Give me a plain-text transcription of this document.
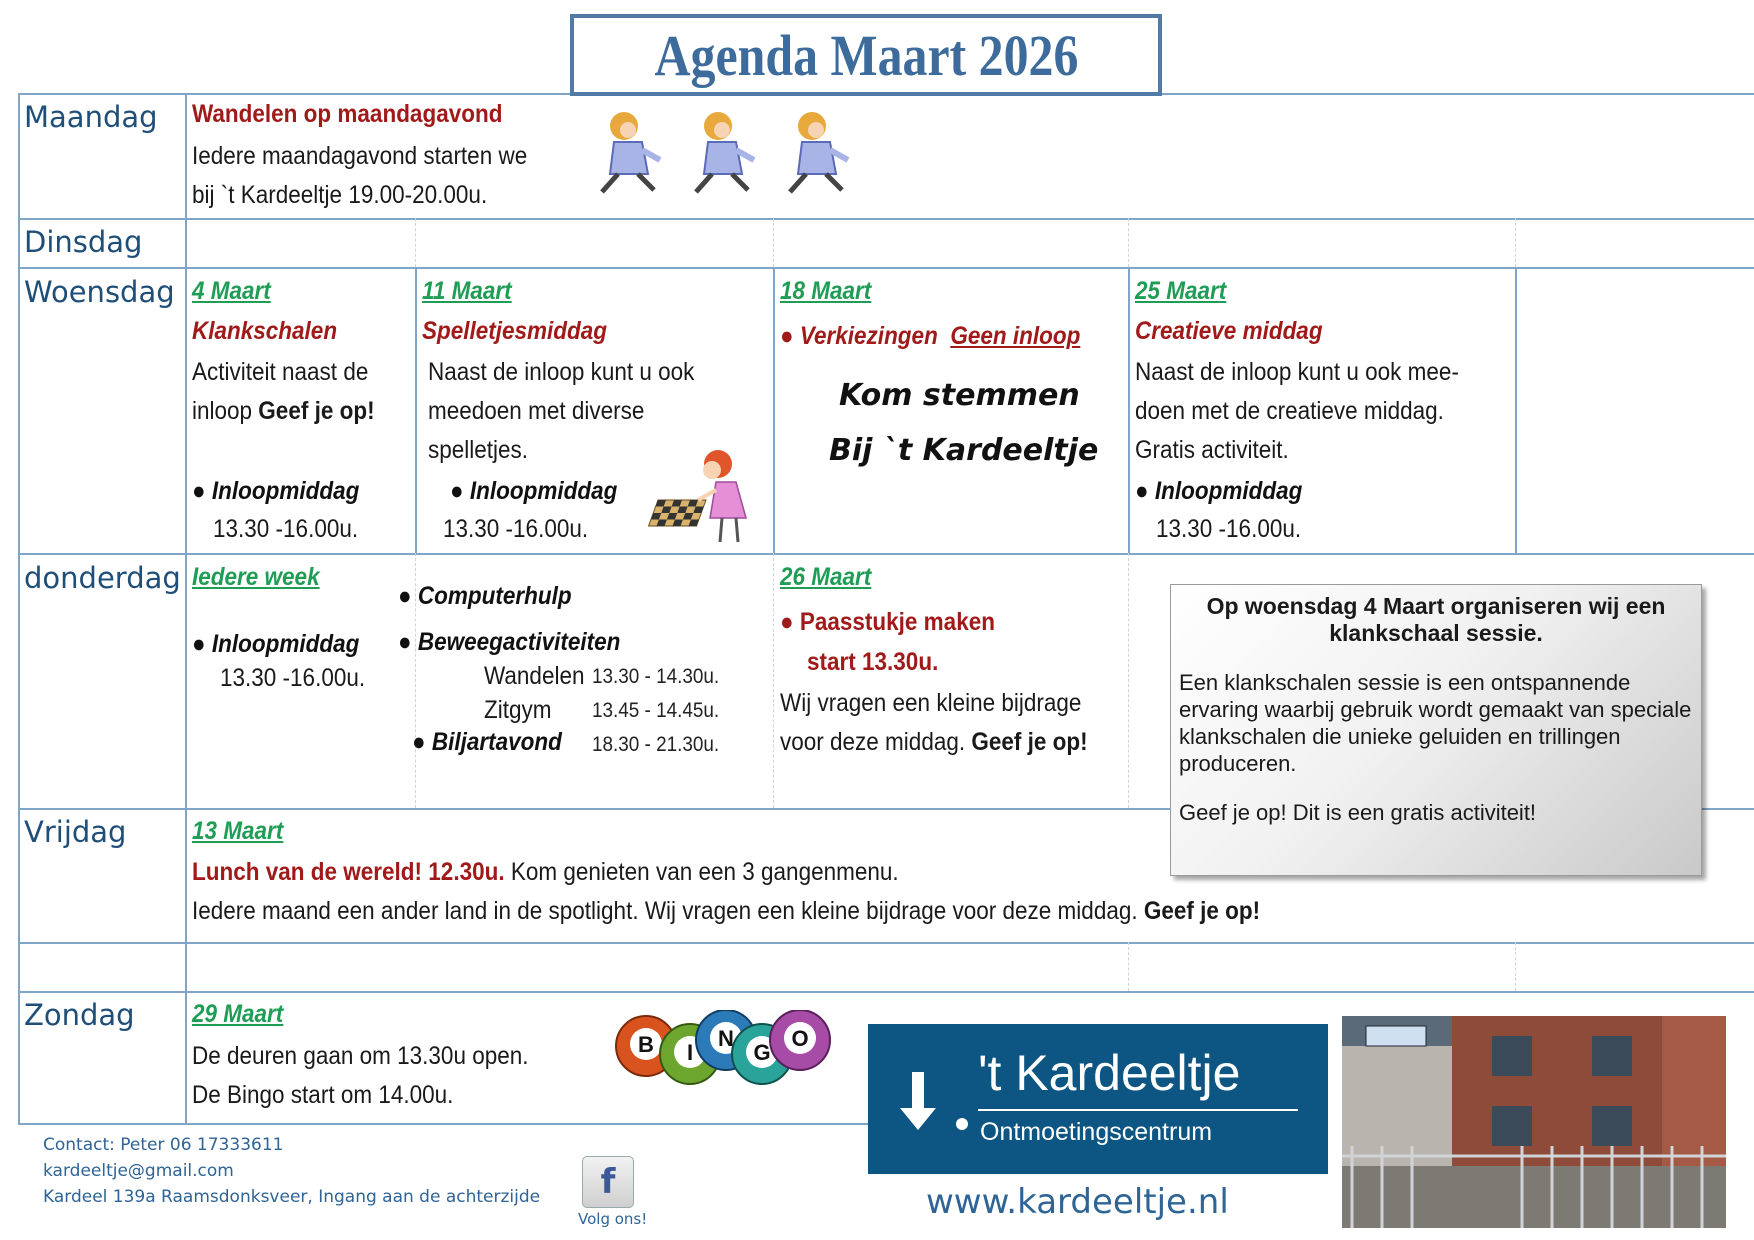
Agenda Maart 2026
Maandag
Dinsdag
Woensdag
donderdag
Vrijdag
Zondag
Wandelen op maandagavond
Iedere maandagavond starten we
bij `t Kardeeltje 19.00-20.00u.
4 Maart
Klankschalen
Activiteit naast de
inloop Geef je op!
● Inloopmiddag
13.30 -16.00u.
11 Maart
Spelletjesmiddag
Naast de inloop kunt u ook
meedoen met diverse
spelletjes.
● Inloopmiddag
13.30 -16.00u.
18 Maart
● Verkiezingen Geen inloop
Kom stemmen
Bij `t Kardeeltje
25 Maart
Creatieve middag
Naast de inloop kunt u ook mee-
doen met de creatieve middag.
Gratis activiteit.
● Inloopmiddag
13.30 -16.00u.
Iedere week
● Inloopmiddag
13.30 -16.00u.
● Computerhulp
● Beweegactiviteiten
Wandelen 13.30 - 14.30u.
Zitgym 13.45 - 14.45u.
● Biljartavond 18.30 - 21.30u.
26 Maart
● Paasstukje maken
start 13.30u.
Wij vragen een kleine bijdrage
voor deze middag. Geef je op!
Op woensdag 4 Maart organiseren wij een klankschaal sessie.
Een klankschalen sessie is een ontspannende ervaring waarbij gebruik wordt gemaakt van speciale klankschalen die unieke geluiden en trillingen produceren.
Geef je op! Dit is een gratis activiteit!
13 Maart
Lunch van de wereld! 12.30u. Kom genieten van een 3 gangenmenu.
Iedere maand een ander land in de spotlight. Wij vragen een kleine bijdrage voor deze middag. Geef je op!
29 Maart
De deuren gaan om 13.30u open.
De Bingo start om 14.00u.
B I
N
G
O
't Kardeeltje
Ontmoetingscentrum
www.kardeeltje.nl
Contact: Peter 06 17333611
kardeeltje@gmail.com
Kardeel 139a Raamsdonksveer, Ingang aan de achterzijde f
Volg ons!
